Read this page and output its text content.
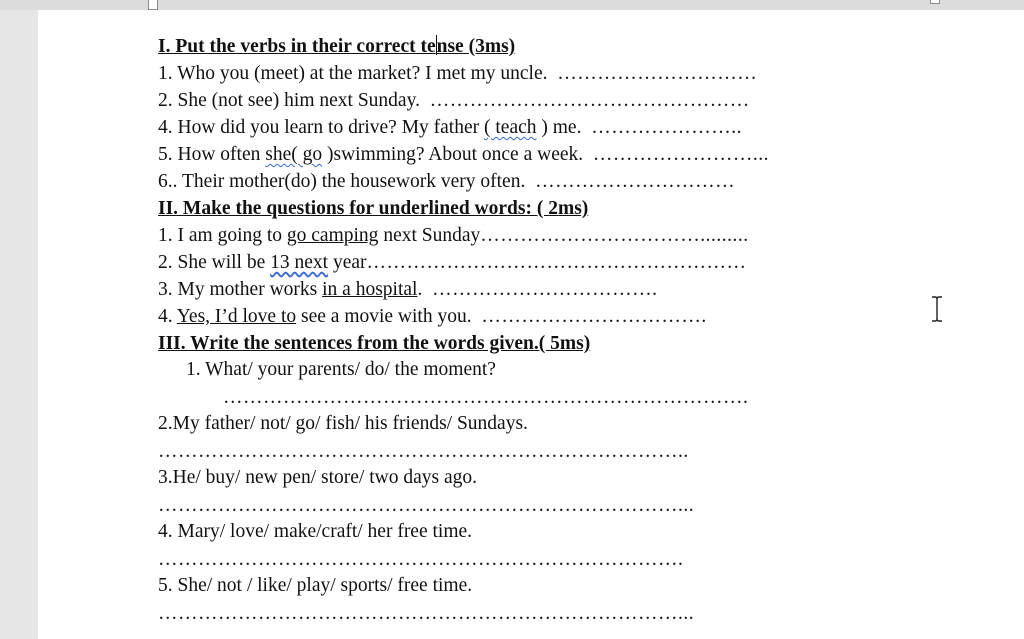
I. Put the verbs in their correct tense (3ms)
1. Who you (meet) at the market? I met my uncle. …………………………
2. She (not see) him next Sunday. …………………………………………
4. How did you learn to drive? My father ( teach ) me. …………………..
5. How often she( go )swimming? About once a week. ……………………...
6.. Their mother(do) the housework very often. …………………………
II. Make the questions for underlined words: ( 2ms)
1. I am going to go camping next Sunday…………………………….........
2. She will be 13 next year…………………………………………………
3. My mother works in a hospital. …………………………….
4. Yes, I’d love to see a movie with you. …………………………….
III. Write the sentences from the words given.( 5ms)
1. What/ your parents/ do/ the moment?
…………………………………………………………………….
2.My father/ not/ go/ fish/ his friends/ Sundays.
……………………………………………………………………..
3.He/ buy/ new pen/ store/ two days ago.
……………………………………………………………………...
4. Mary/ love/ make/craft/ her free time.
…………………………………………………………………….
5. She/ not / like/ play/ sports/ free time.
……………………………………………………………………...
